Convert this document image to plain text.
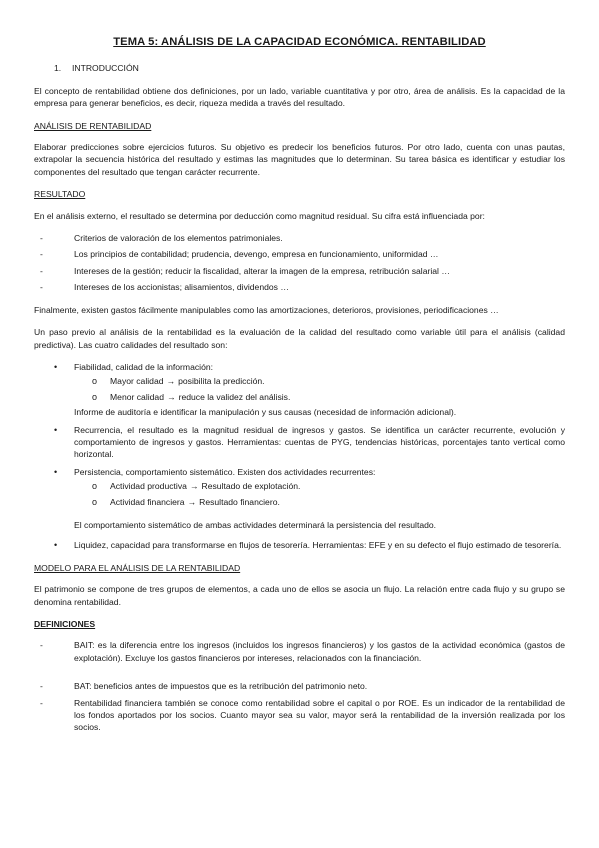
TEMA 5: ANÁLISIS DE LA CAPACIDAD ECONÓMICA. RENTABILIDAD
1. INTRODUCCIÓN

El concepto de rentabilidad obtiene dos definiciones, por un lado, variable cuantitativa y por otro, área de análisis. Es la capacidad de la empresa para generar beneficios, es decir, riqueza medida a través del resultado.

ANÁLISIS DE RENTABILIDAD

Elaborar predicciones sobre ejercicios futuros. Su objetivo es predecir los beneficios futuros. Por otro lado, cuenta con unas pautas, extrapolar la secuencia histórica del resultado y estimas las magnitudes que lo determinan. Su tarea básica es identificar y estudiar los componentes del resultado que tengan carácter recurrente.

RESULTADO

En el análisis externo, el resultado se determina por deducción como magnitud residual. Su cifra está influenciada por:

-	Criterios de valoración de los elementos patrimoniales.
-	Los principios de contabilidad; prudencia, devengo, empresa en funcionamiento, uniformidad …
-	Intereses de la gestión; reducir la fiscalidad, alterar la imagen de la empresa, retribución salarial …
-	Intereses de los accionistas; alisamientos, dividendos …

Finalmente, existen gastos fácilmente manipulables como las amortizaciones, deterioros, provisiones, periodificaciones …

Un paso previo al análisis de la rentabilidad es la evaluación de la calidad del resultado como variable útil para el análisis (calidad predictiva). Las cuatro calidades del resultado son:

• Fiabilidad, calidad de la información:
o Mayor calidad → posibilita la predicción.
o Menor calidad → reduce la validez del análisis.
Informe de auditoría e identificar la manipulación y sus causas (necesidad de información adicional).
• Recurrencia, el resultado es la magnitud residual de ingresos y gastos. Se identifica un carácter recurrente, evolución y comportamiento de ingresos y gastos. Herramientas: cuentas de PYG, tendencias históricas, porcentajes tanto vertical como horizontal.
• Persistencia, comportamiento sistemático. Existen dos actividades recurrentes:
o Actividad productiva → Resultado de explotación.
o Actividad financiera → Resultado financiero.
El comportamiento sistemático de ambas actividades determinará la persistencia del resultado.
• Liquidez, capacidad para transformarse en flujos de tesorería. Herramientas: EFE y en su defecto el flujo estimado de tesorería.
MODELO PARA EL ANÁLISIS DE LA RENTABILIDAD

El patrimonio se compone de tres grupos de elementos, a cada uno de ellos se asocia un flujo. La relación entre cada flujo y su grupo se denomina rentabilidad.

DEFINICIONES
-	BAIT: es la diferencia entre los ingresos (incluidos los ingresos financieros) y los gastos de la actividad económica (gastos de explotación). Excluye los gastos financieros por intereses, relacionados con la financiación.
-	BAT: beneficios antes de impuestos que es la retribución del patrimonio neto.
-	Rentabilidad financiera también se conoce como rentabilidad sobre el capital o por ROE. Es un indicador de la rentabilidad de los fondos aportados por los socios. Cuanto mayor sea su valor, mayor será la rentabilidad de la inversión realizada por los socios.
